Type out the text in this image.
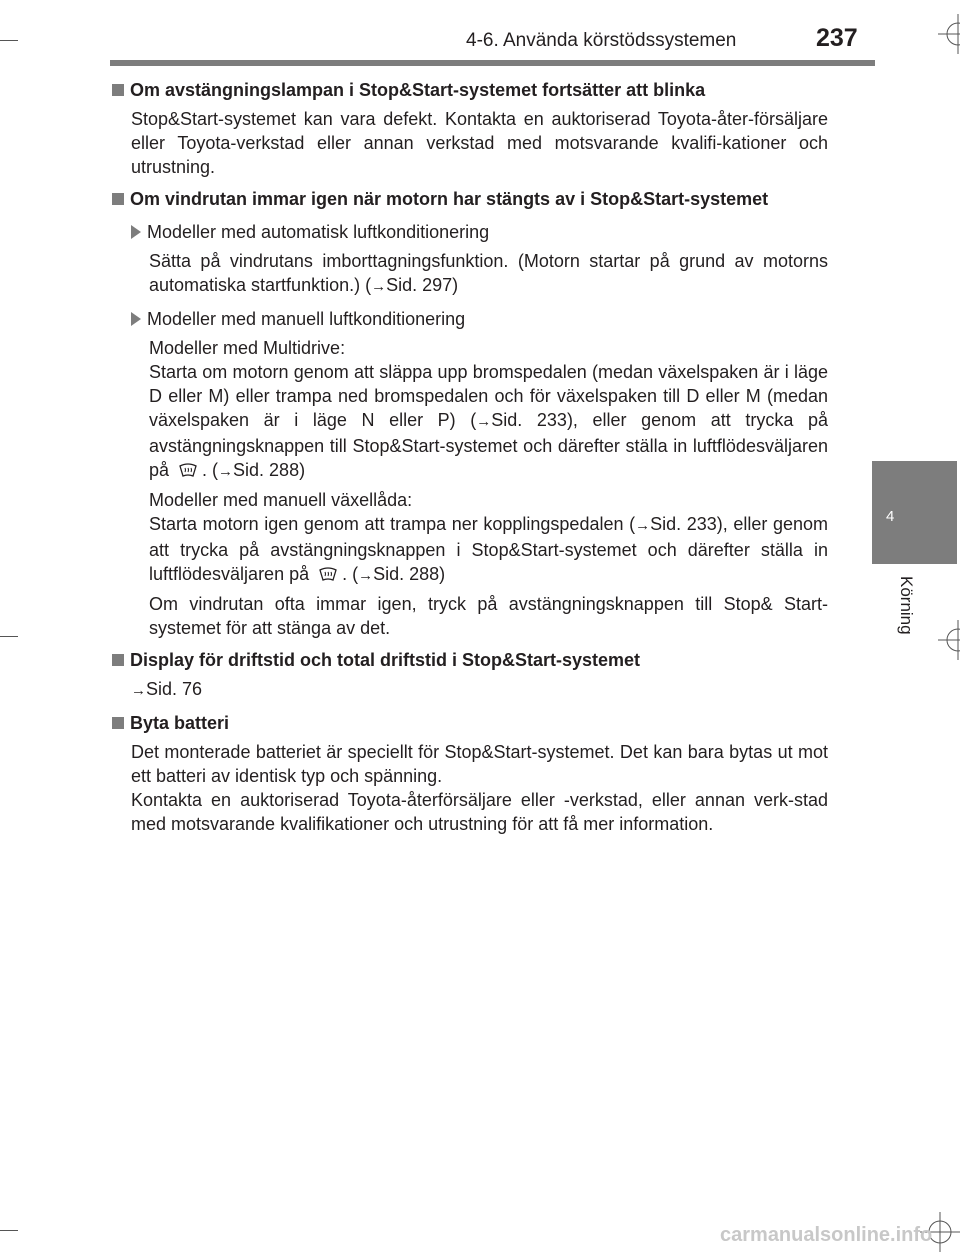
4-6. Använda körstödssystemen	237
4
Körning
Om avstängningslampan i Stop&Start-systemet fortsätter att blinka
Stop&Start-systemet kan vara defekt. Kontakta en auktoriserad Toyota-åter-försäljare eller Toyota-verkstad eller annan verkstad med motsvarande kvalifi-kationer och utrustning.
Om vindrutan immar igen när motorn har stängts av i Stop&Start-systemet
Modeller med automatisk luftkonditionering
Sätta på vindrutans imborttagningsfunktion. (Motorn startar på grund av motorns automatiska startfunktion.) (→Sid. 297)
Modeller med manuell luftkonditionering
Modeller med Multidrive:
Starta om motorn genom att släppa upp bromspedalen (medan växelspaken är i läge D eller M) eller trampa ned bromspedalen och för växelspaken till D eller M (medan växelspaken är i läge N eller P) (→Sid. 233), eller genom att trycka på avstängningsknappen till Stop&Start-systemet och därefter ställa in luftflödesväljaren på . (→Sid. 288)
Modeller med manuell växellåda:
Starta motorn igen genom att trampa ner kopplingspedalen (→Sid. 233), eller genom att trycka på avstängningsknappen i Stop&Start-systemet och därefter ställa in luftflödesväljaren på . (→Sid. 288)
Om vindrutan ofta immar igen, tryck på avstängningsknappen till Stop& Start-systemet för att stänga av det.
Display för driftstid och total driftstid i Stop&Start-systemet
→Sid. 76
Byta batteri
Det monterade batteriet är speciellt för Stop&Start-systemet. Det kan bara bytas ut mot ett batteri av identisk typ och spänning.
Kontakta en auktoriserad Toyota-återförsäljare eller -verkstad, eller annan verk-stad med motsvarande kvalifikationer och utrustning för att få mer information.
carmanualsonline.info
